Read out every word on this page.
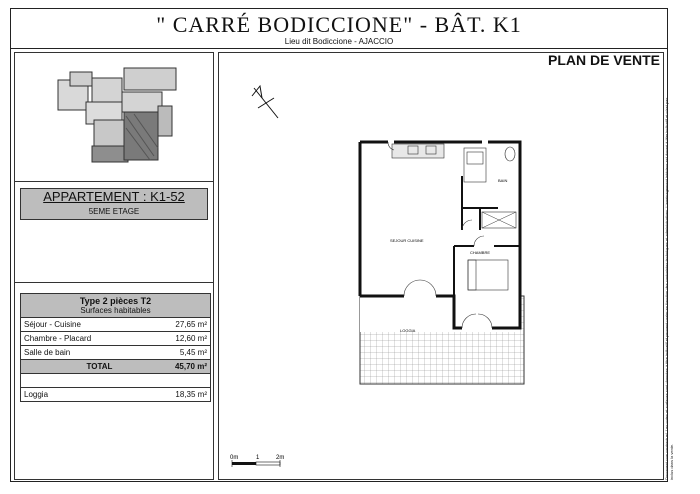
" CARRÉ BODICCIONE" - BÂT. K1
Lieu dit Bodiccione - AJACCIO
APPARTEMENT : K1-52
5EME ETAGE
Type 2 pièces T2
Surfaces habitables
Séjour - Cuisine	27,65 m²
Chambre - Placard	12,60 m²
Salle de bain	5,45 m²
TOTAL	45,70 m²
Loggia	18,35 m²
PLAN DE VENTE
SEJOUR CUISINE
CHAMBRE
BAIN
LOGGIA
0m	1	2m	Document non contractuel. Les cotes et surfaces sont données à titre indicatif et peuvent varier en fonction des contraintes techniques et administratives. L'aménagement intérieur est donné à titre indicatif et n'est pas inclus dans la vente.
